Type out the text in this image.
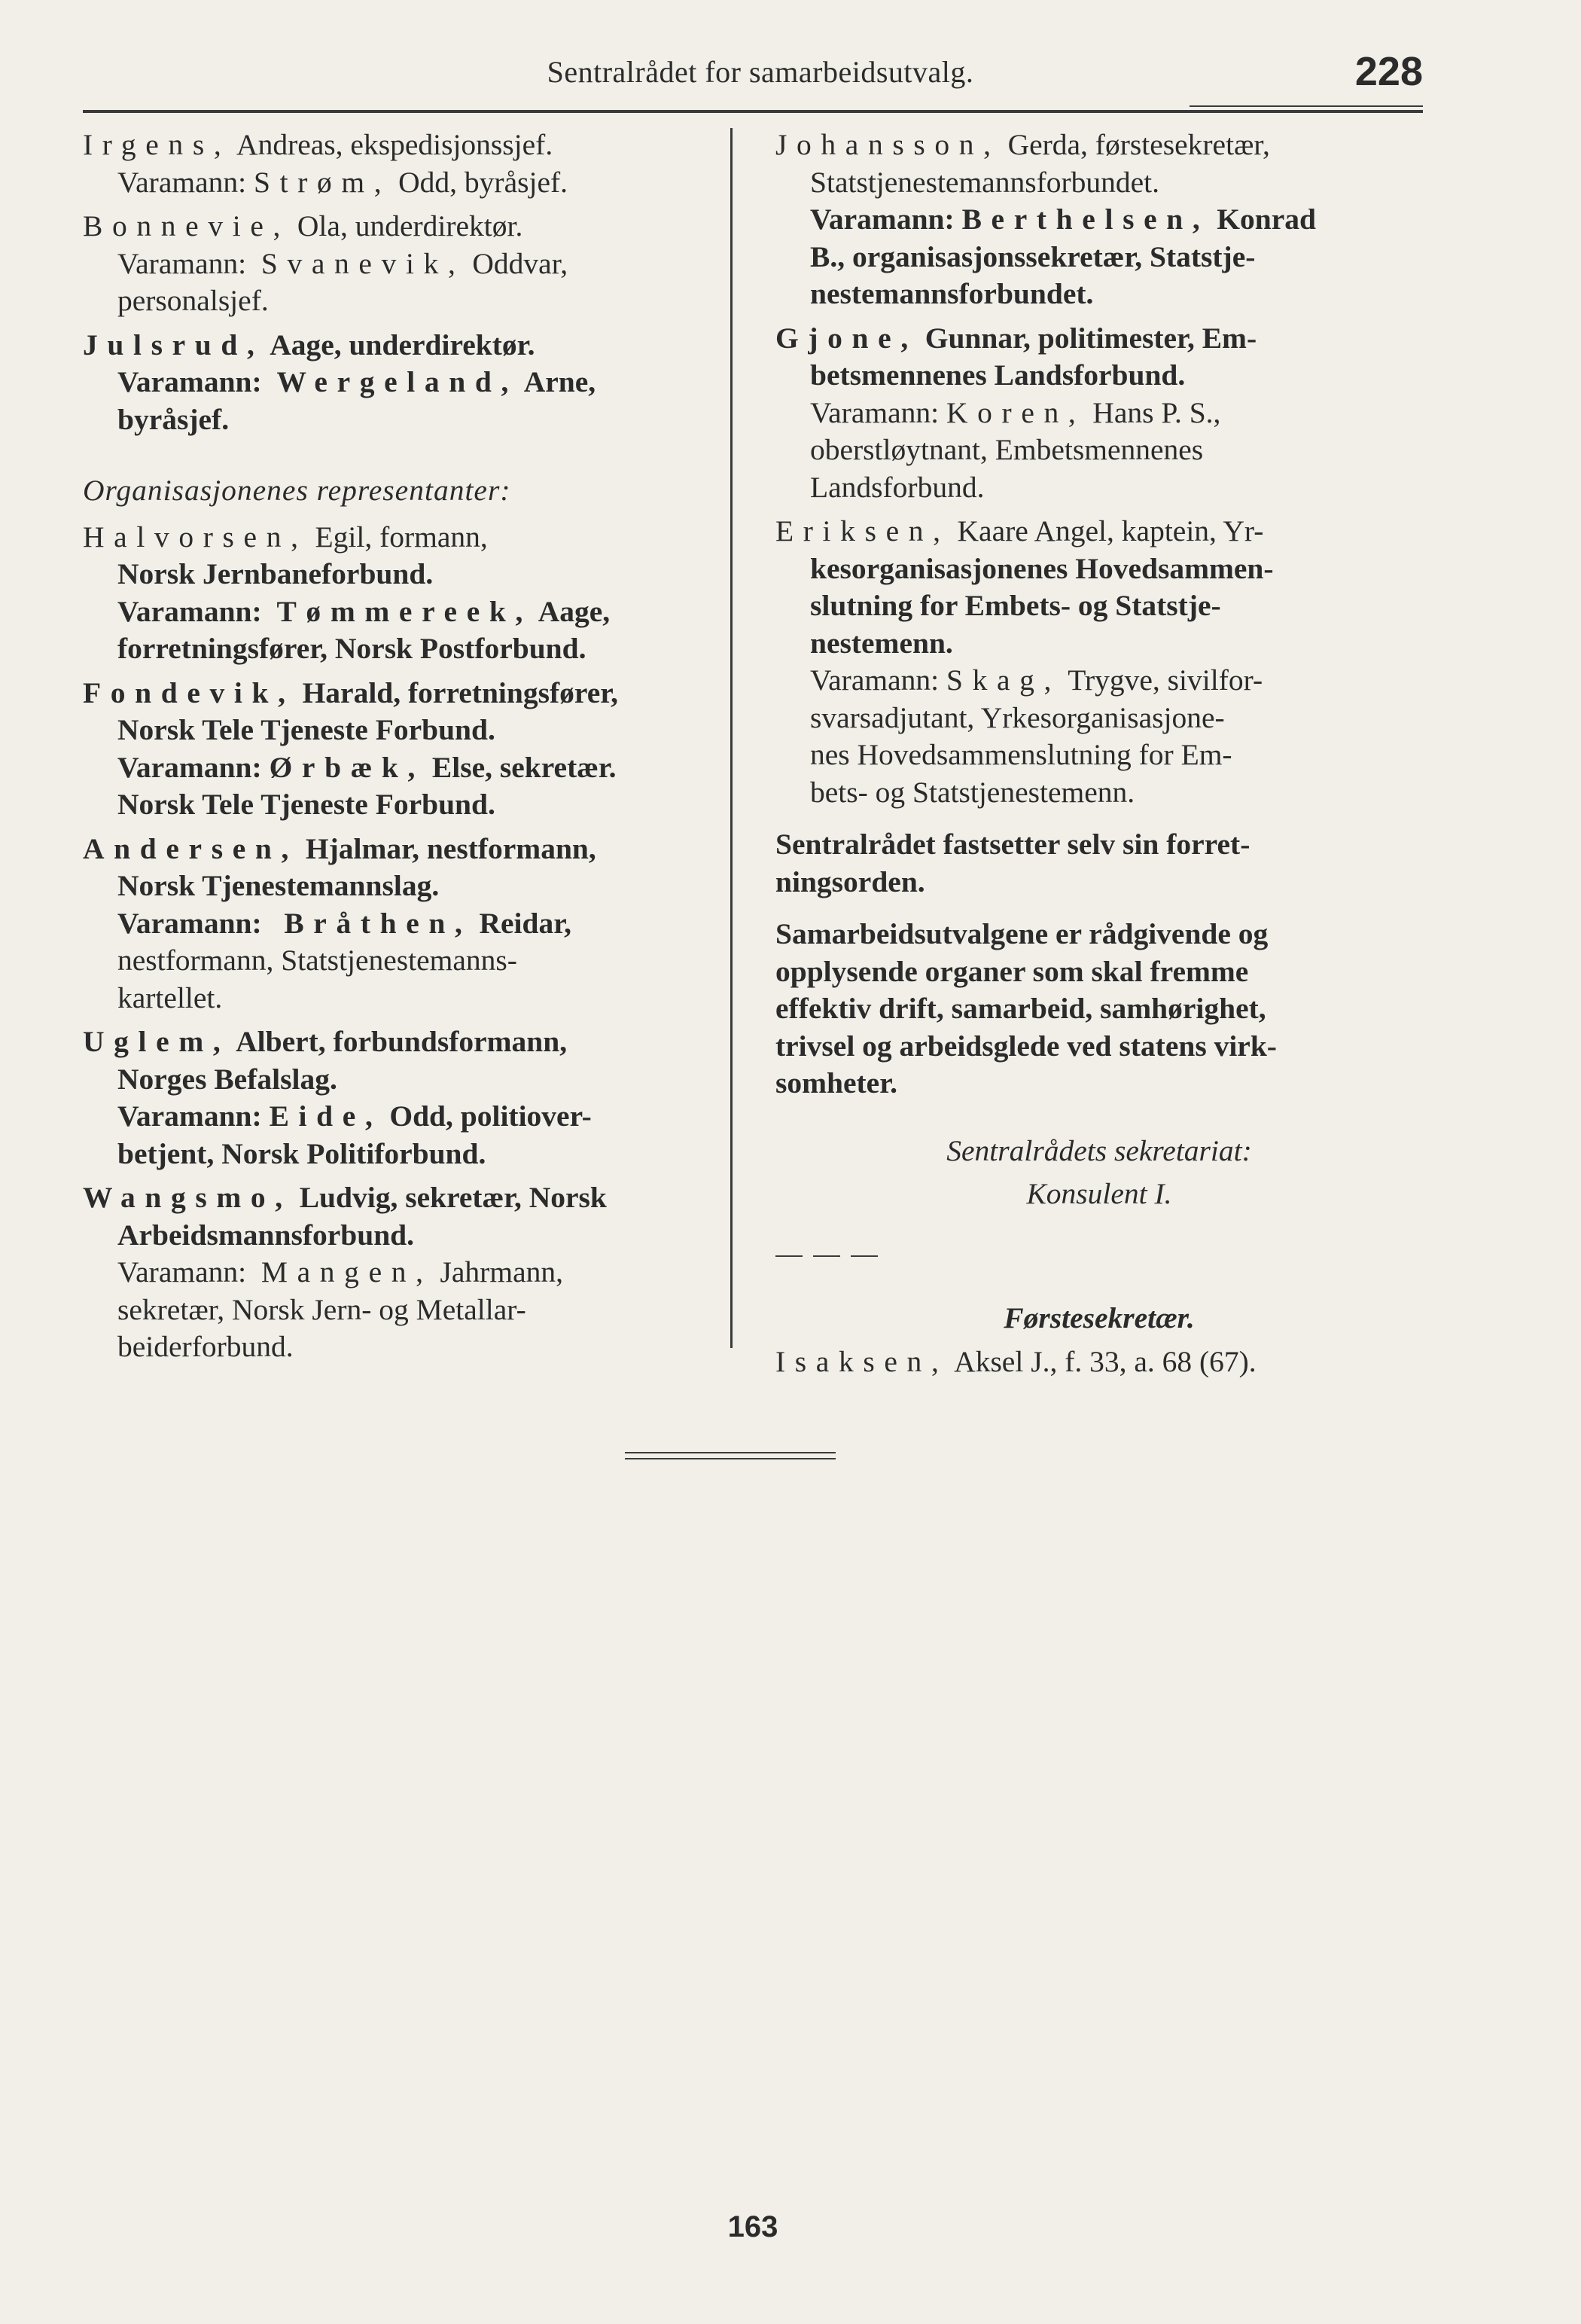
Sentralrådet for samarbeidsutvalg.	228
Irgens, Andreas, ekspedisjonssjef.
Varamann: Strøm, Odd, byråsjef.
Bonnevie, Ola, underdirektør.
Varamann: Svanevik, Oddvar,
personalsjef.
Julsrud, Aage, underdirektør.
Varamann: Wergeland, Arne,
byråsjef.
Organisasjonenes representanter:
Halvorsen, Egil, formann,
Norsk Jernbaneforbund.
Varamann: Tømmereek, Aage,
forretningsfører, Norsk Postforbund.
Fondevik, Harald, forretningsfører,
Norsk Tele Tjeneste Forbund.
Varamann: Ørbæk, Else, sekretær.
Norsk Tele Tjeneste Forbund.
Andersen, Hjalmar, nestformann,
Norsk Tjenestemannslag.
Varamann: Bråthen, Reidar,
nestformann, Statstjenestemanns-
kartellet.
Uglem, Albert, forbundsformann,
Norges Befalslag.
Varamann: Eide, Odd, politiover-
betjent, Norsk Politiforbund.
Wangsmo, Ludvig, sekretær, Norsk
Arbeidsmannsforbund.
Varamann: Mangen, Jahrmann,
sekretær, Norsk Jern- og Metallar-
beiderforbund.
Johansson, Gerda, førstesekretær,
Statstjenestemannsforbundet.
Varamann: Berthelsen, Konrad
B., organisasjonssekretær, Statstje-
nestemannsforbundet.
Gjone, Gunnar, politimester, Em-
betsmennenes Landsforbund.
Varamann: Koren, Hans P. S.,
oberstløytnant, Embetsmennenes
Landsforbund.
Eriksen, Kaare Angel, kaptein, Yr-
kesorganisasjonenes Hovedsammen-
slutning for Embets- og Statstje-
nestemenn.
Varamann: Skag, Trygve, sivilfor-
svarsadjutant, Yrkesorganisasjone-
nes Hovedsammenslutning for Em-
bets- og Statstjenestemenn.
Sentralrådet fastsetter selv sin forret-
ningsorden.
Samarbeidsutvalgene er rådgivende og
opplysende organer som skal fremme
effektiv drift, samarbeid, samhørighet,
trivsel og arbeidsglede ved statens virk-
somheter.
Sentralrådets sekretariat:
Konsulent I.
Førstesekretær.
Isaksen, Aksel J., f. 33, a. 68 (67).
163
